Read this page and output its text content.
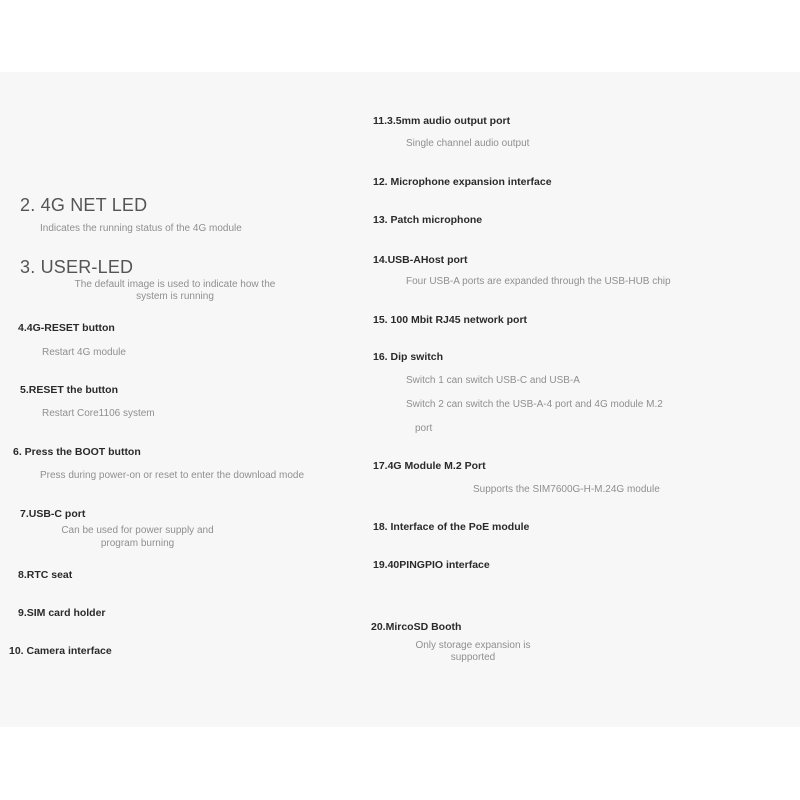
2. 4G NET LED
Indicates the running status of the 4G module
3. USER-LED
The default image is used to indicate how the
system is running
4.4G-RESET button
Restart 4G module
5.RESET the button
Restart Core1106 system
6. Press the BOOT button
Press during power-on or reset to enter the download mode
7.USB-C port
Can be used for power supply and
program burning
8.RTC seat
9.SIM card holder
10. Camera interface
11.3.5mm audio output port
Single channel audio output
12. Microphone expansion interface
13. Patch microphone
14.USB-AHost port
Four USB-A ports are expanded through the USB-HUB chip
15. 100 Mbit RJ45 network port
16. Dip switch
Switch 1 can switch USB-C and USB-A
Switch 2 can switch the USB-A-4 port and 4G module M.2
port
17.4G Module M.2 Port
Supports the SIM7600G-H-M.24G module
18. Interface of the PoE module
19.40PINGPIO interface
20.MircoSD Booth
Only storage expansion is
supported
